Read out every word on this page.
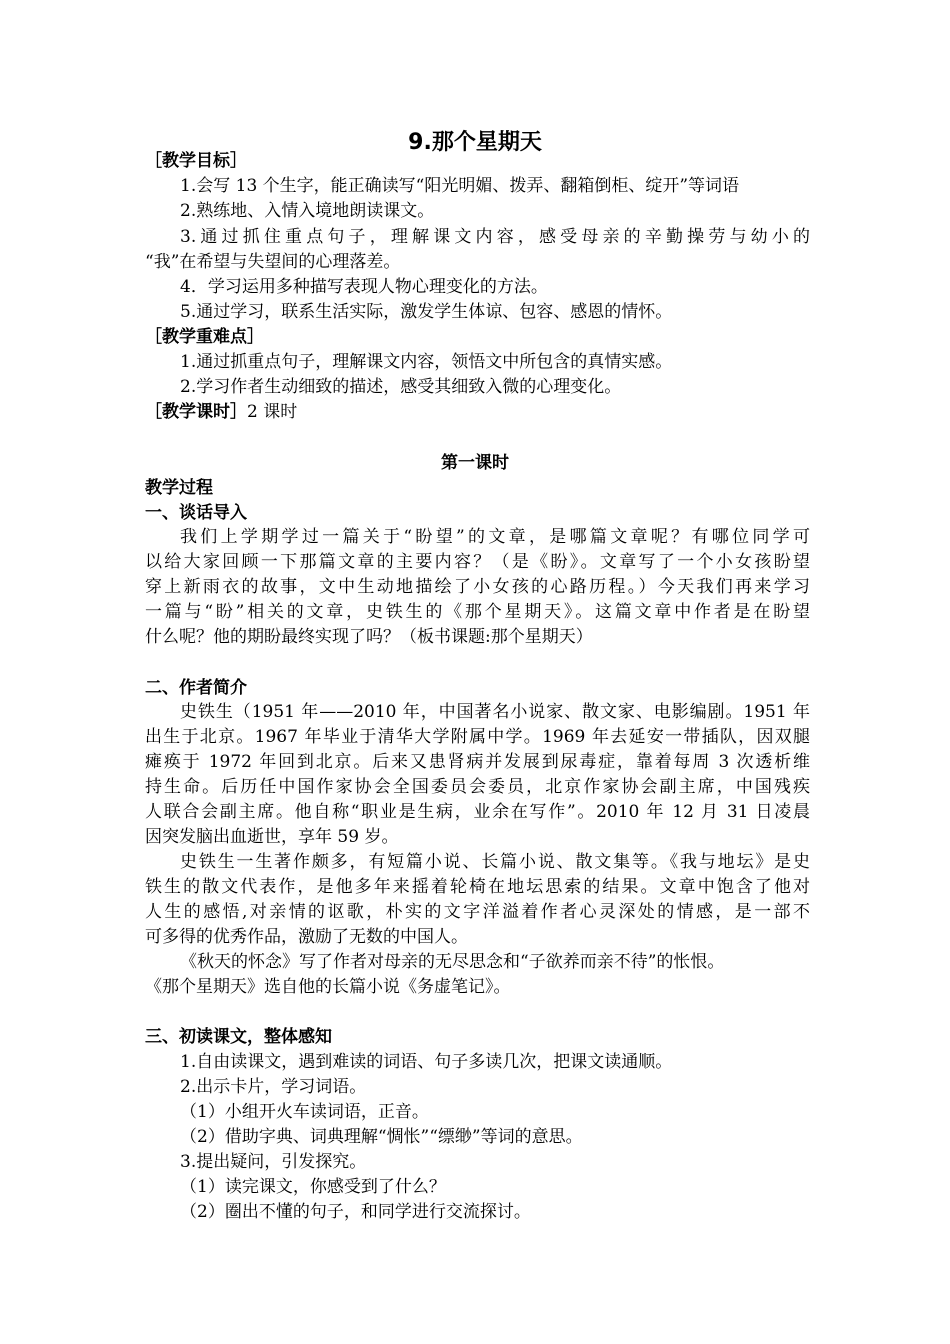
9.那个星期天
［教学目标］
1.会写 13 个生字，能正确读写“阳光明媚、拨弄、翻箱倒柜、绽开”等词语
2.熟练地、入情入境地朗读课文。
3.通过抓住重点句子，理解课文内容，感受母亲的辛勤操劳与幼小的
“我”在希望与失望间的心理落差。
4．学习运用多种描写表现人物心理变化的方法。
5.通过学习，联系生活实际，激发学生体谅、包容、感恩的情怀。
［教学重难点］
1.通过抓重点句子，理解课文内容，领悟文中所包含的真情实感。
2.学习作者生动细致的描述，感受其细致入微的心理变化。
［教学课时］2 课时
第一课时
教学过程
一、谈话导入
我们上学期学过一篇关于“盼望”的文章，是哪篇文章呢？有哪位同学可
以给大家回顾一下那篇文章的主要内容？（是《盼》。文章写了一个小女孩盼望
穿上新雨衣的故事，文中生动地描绘了小女孩的心路历程。）今天我们再来学习
一篇与“盼”相关的文章，史铁生的《那个星期天》。这篇文章中作者是在盼望
什么呢？他的期盼最终实现了吗？（板书课题:那个星期天）
二、作者简介
史铁生（1951 年——2010 年，中国著名小说家、散文家、电影编剧。1951 年
出生于北京。1967 年毕业于清华大学附属中学。1969 年去延安一带插队，因双腿
瘫痪于 1972 年回到北京。后来又患肾病并发展到尿毒症，靠着每周 3 次透析维
持生命。后历任中国作家协会全国委员会委员，北京作家协会副主席，中国残疾
人联合会副主席。他自称“职业是生病，业余在写作”。2010 年 12 月 31 日凌晨
因突发脑出血逝世，享年 59 岁。
史铁生一生著作颇多，有短篇小说、长篇小说、散文集等。《我与地坛》是史
铁生的散文代表作，是他多年来摇着轮椅在地坛思索的结果。文章中饱含了他对
人生的感悟,对亲情的讴歌，朴实的文字洋溢着作者心灵深处的情感，是一部不
可多得的优秀作品，激励了无数的中国人。
《秋天的怀念》写了作者对母亲的无尽思念和“子欲养而亲不待”的怅恨。
《那个星期天》选自他的长篇小说《务虚笔记》。
三、初读课文，整体感知
1.自由读课文，遇到难读的词语、句子多读几次，把课文读通顺。
2.出示卡片，学习词语。
（1）小组开火车读词语，正音。
（2）借助字典、词典理解“惆怅”“缥缈”等词的意思。
3.提出疑问，引发探究。
（1）读完课文，你感受到了什么？
（2）圈出不懂的句子，和同学进行交流探讨。
